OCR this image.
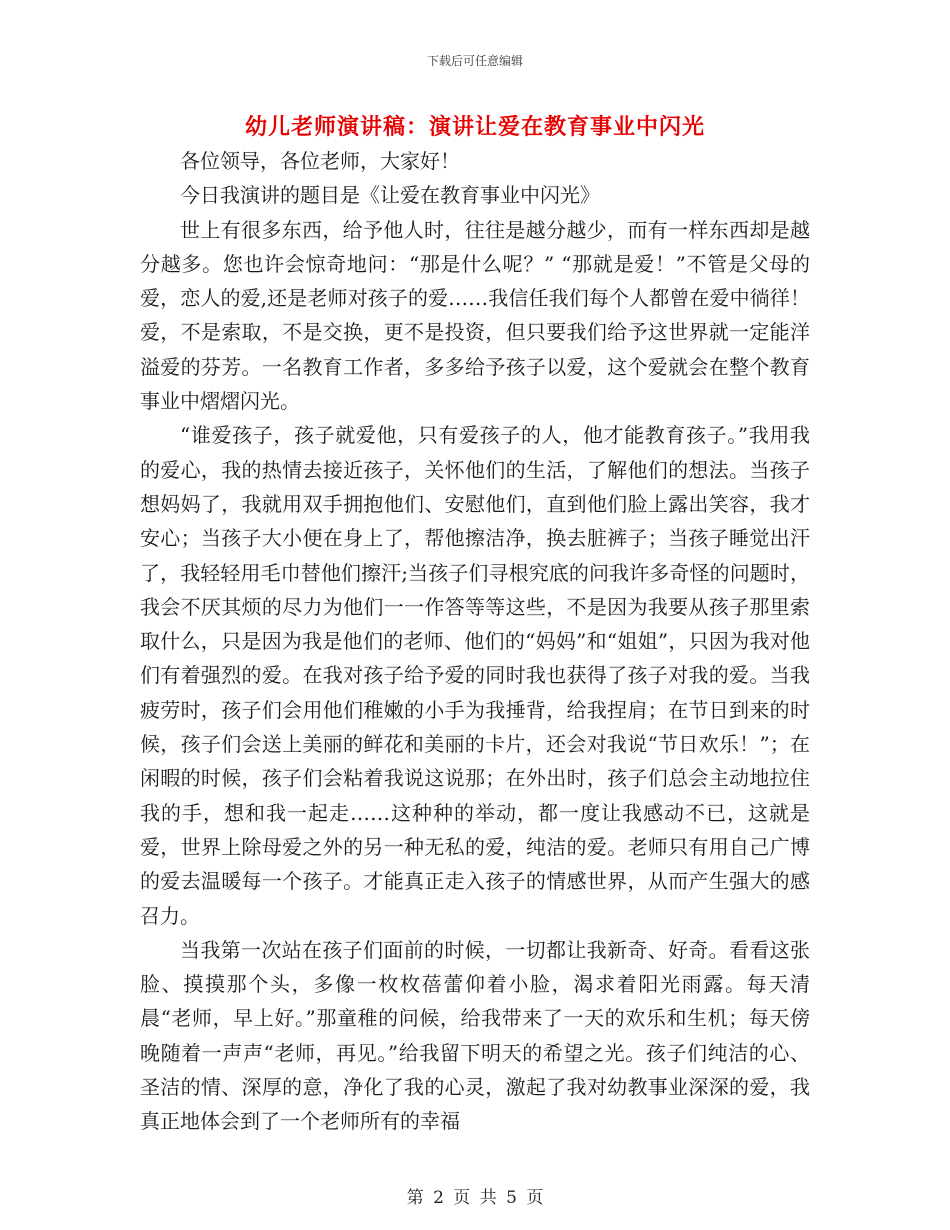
下载后可任意编辑
幼儿老师演讲稿：演讲让爱在教育事业中闪光

各位领导，各位老师，大家好！

今日我演讲的题目是《让爱在教育事业中闪光》

世上有很多东西，给予他人时，往往是越分越少，而有一样东西却是越分越多。您也许会惊奇地问：“那是什么呢？” “那就是爱！”不管是父母的爱，恋人的爱,还是老师对孩子的爱……我信任我们每个人都曾在爱中徜徉！爱，不是索取，不是交换，更不是投资，但只要我们给予这世界就一定能洋溢爱的芬芳。一名教育工作者，多多给予孩子以爱，这个爱就会在整个教育事业中熠熠闪光。

“谁爱孩子，孩子就爱他，只有爱孩子的人，他才能教育孩子。”我用我的爱心，我的热情去接近孩子，关怀他们的生活，了解他们的想法。当孩子想妈妈了，我就用双手拥抱他们、安慰他们，直到他们脸上露出笑容，我才安心；当孩子大小便在身上了，帮他擦洁净，换去脏裤子；当孩子睡觉出汗了，我轻轻用毛巾替他们擦汗;当孩子们寻根究底的问我许多奇怪的问题时，我会不厌其烦的尽力为他们一一作答等等这些，不是因为我要从孩子那里索取什么，只是因为我是他们的老师、他们的“妈妈”和“姐姐”，只因为我对他们有着强烈的爱。在我对孩子给予爱的同时我也获得了孩子对我的爱。当我疲劳时，孩子们会用他们稚嫩的小手为我捶背，给我捏肩；在节日到来的时候，孩子们会送上美丽的鲜花和美丽的卡片，还会对我说“节日欢乐！”；在闲暇的时候，孩子们会粘着我说这说那；在外出时，孩子们总会主动地拉住我的手，想和我一起走……这种种的举动，都一度让我感动不已，这就是爱，世界上除母爱之外的另一种无私的爱，纯洁的爱。老师只有用自己广博的爱去温暖每一个孩子。才能真正走入孩子的情感世界，从而产生强大的感召力。

当我第一次站在孩子们面前的时候，一切都让我新奇、好奇。看看这张脸、摸摸那个头，多像一枚枚蓓蕾仰着小脸，渴求着阳光雨露。每天清晨“老师，早上好。”那童稚的问候，给我带来了一天的欢乐和生机；每天傍晚随着一声声“老师，再见。”给我留下明天的希望之光。孩子们纯洁的心、圣洁的情、深厚的意，净化了我的心灵，激起了我对幼教事业深深的爱，我真正地体会到了一个老师所有的幸福

第 2 页 共 5 页
